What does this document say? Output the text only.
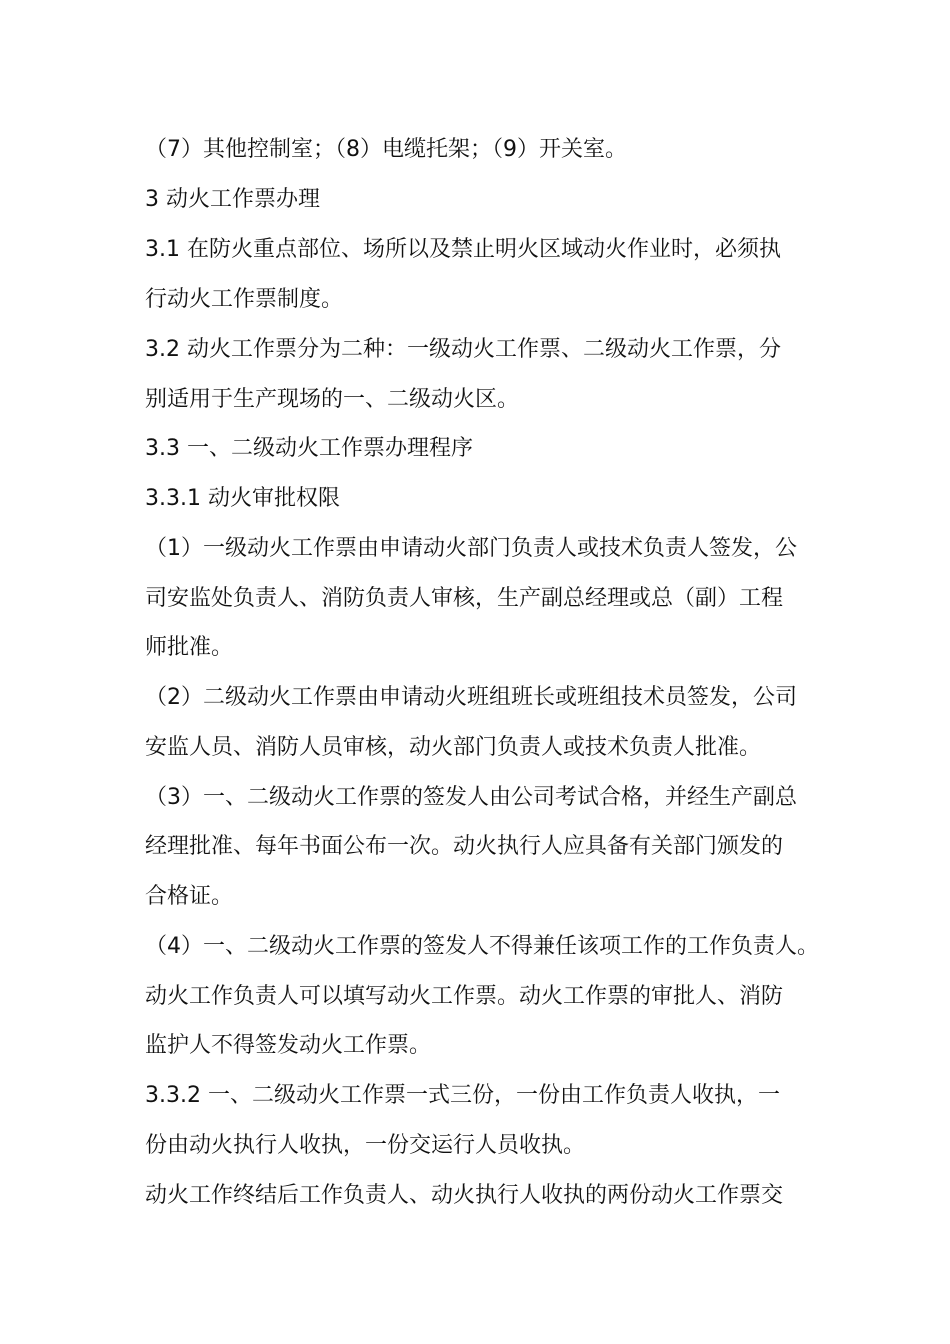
（7）其他控制室；（8）电缆托架；（9）开关室。
3 动火工作票办理
3.1 在防火重点部位、场所以及禁止明火区域动火作业时，必须执
行动火工作票制度。
3.2 动火工作票分为二种：一级动火工作票、二级动火工作票，分
别适用于生产现场的一、二级动火区。
3.3 一、二级动火工作票办理程序
3.3.1 动火审批权限
（1）一级动火工作票由申请动火部门负责人或技术负责人签发，公
司安监处负责人、消防负责人审核，生产副总经理或总（副）工程
师批准。
（2）二级动火工作票由申请动火班组班长或班组技术员签发，公司
安监人员、消防人员审核，动火部门负责人或技术负责人批准。
（3）一、二级动火工作票的签发人由公司考试合格，并经生产副总
经理批准、每年书面公布一次。动火执行人应具备有关部门颁发的
合格证。
（4）一、二级动火工作票的签发人不得兼任该项工作的工作负责人。
动火工作负责人可以填写动火工作票。动火工作票的审批人、消防
监护人不得签发动火工作票。
3.3.2 一、二级动火工作票一式三份，一份由工作负责人收执，一
份由动火执行人收执，一份交运行人员收执。
动火工作终结后工作负责人、动火执行人收执的两份动火工作票交
